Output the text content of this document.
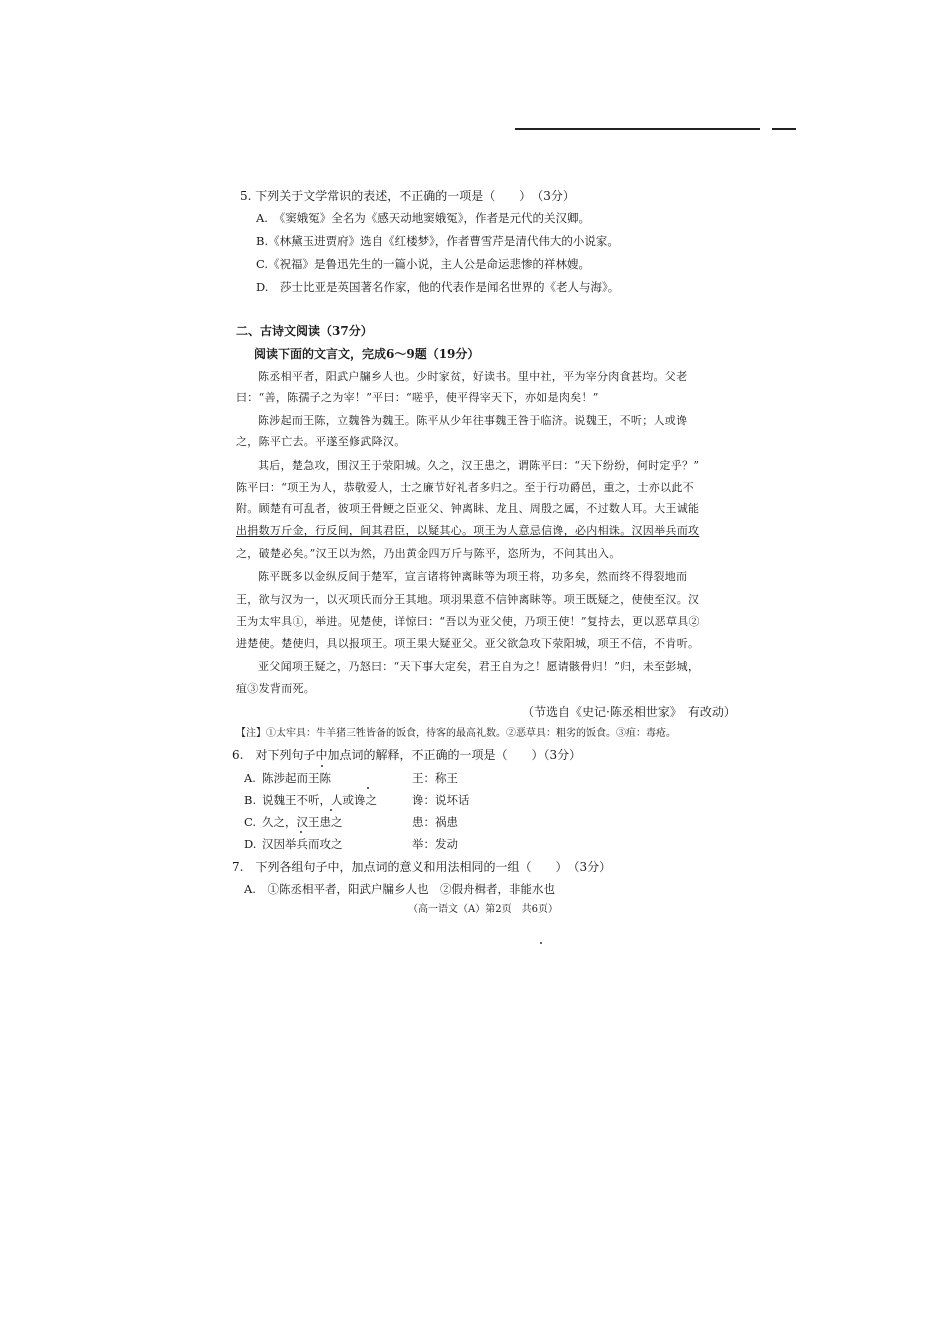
5. 下列关于文学常识的表述，不正确的一项是（　　）　（3分）
A.　《窦娥冤》全名为《感天动地窦娥冤》，作者是元代的关汉卿。
B.《林黛玉进贾府》选自《红楼梦》，作者曹雪芹是清代伟大的小说家。
C.《祝福》是鲁迅先生的一篇小说，主人公是命运悲惨的祥林嫂。
D.　莎士比亚是英国著名作家，他的代表作是闻名世界的《老人与海》。
二、古诗文阅读（37分）
阅读下面的文言文，完成6～9题（19分）
陈丞相平者，阳武户牖乡人也。少时家贫，好读书。里中社，平为宰分肉食甚均。父老
曰：“善，陈孺子之为宰！”平曰：“嗟乎，使平得宰天下，亦如是肉矣！”
陈涉起而王陈，立魏咎为魏王。陈平从少年往事魏王咎于临济。说魏王，不听；人或谗
之，陈平亡去。平遂至修武降汉。
其后，楚急攻，围汉王于荥阳城。久之，汉王患之，谓陈平曰：“天下纷纷，何时定乎？”
陈平曰：“项王为人，恭敬爱人，士之廉节好礼者多归之。至于行功爵邑，重之，士亦以此不
附。顾楚有可乱者，彼项王骨鲠之臣亚父、钟离眛、龙且、周殷之属，不过数人耳。大王诚能
出捐数万斤金，行反间，间其君臣，以疑其心。项王为人意忌信谗，必内相诛。汉因举兵而攻
之，破楚必矣。”汉王以为然，乃出黄金四万斤与陈平，恣所为，不问其出入。
陈平既多以金纵反间于楚军，宣言诸将钟离眛等为项王将，功多矣，然而终不得裂地而
王，欲与汉为一，以灭项氏而分王其地。项羽果意不信钟离眛等。项王既疑之，使使至汉。汉
王为太牢具①，举进。见楚使，详惊曰：“吾以为亚父使，乃项王使！”复持去，更以恶草具②
进楚使。楚使归，具以报项王。项王果大疑亚父。亚父欲急攻下荥阳城，项王不信，不肯听。
亚父闻项王疑之，乃怒曰：“天下事大定矣，君王自为之！愿请骸骨归！”归，未至彭城，
疽③发背而死。
（节选自《史记·陈丞相世家》　有改动）
【注】①太牢具：牛羊猪三牲皆备的饭食，待客的最高礼数。②恶草具：粗劣的饭食。③疽：毒疮。
6.　对下列句子中加点词的解释，不正确的一项是（　　）（3分）
A. 陈涉起而王陈	王：称王
B. 说魏王不听，人或谗之	谗：说坏话
C. 久之，汉王患之	患：祸患
D. 汉因举兵而攻之	举：发动
7.　下列各组句子中，加点词的意义和用法相同的一组（　　）　（3分）
A.　①陈丞相平者，阳武户牖乡人也　②假舟楫者，非能水也
（高一语文（A）第2页　共6页）
